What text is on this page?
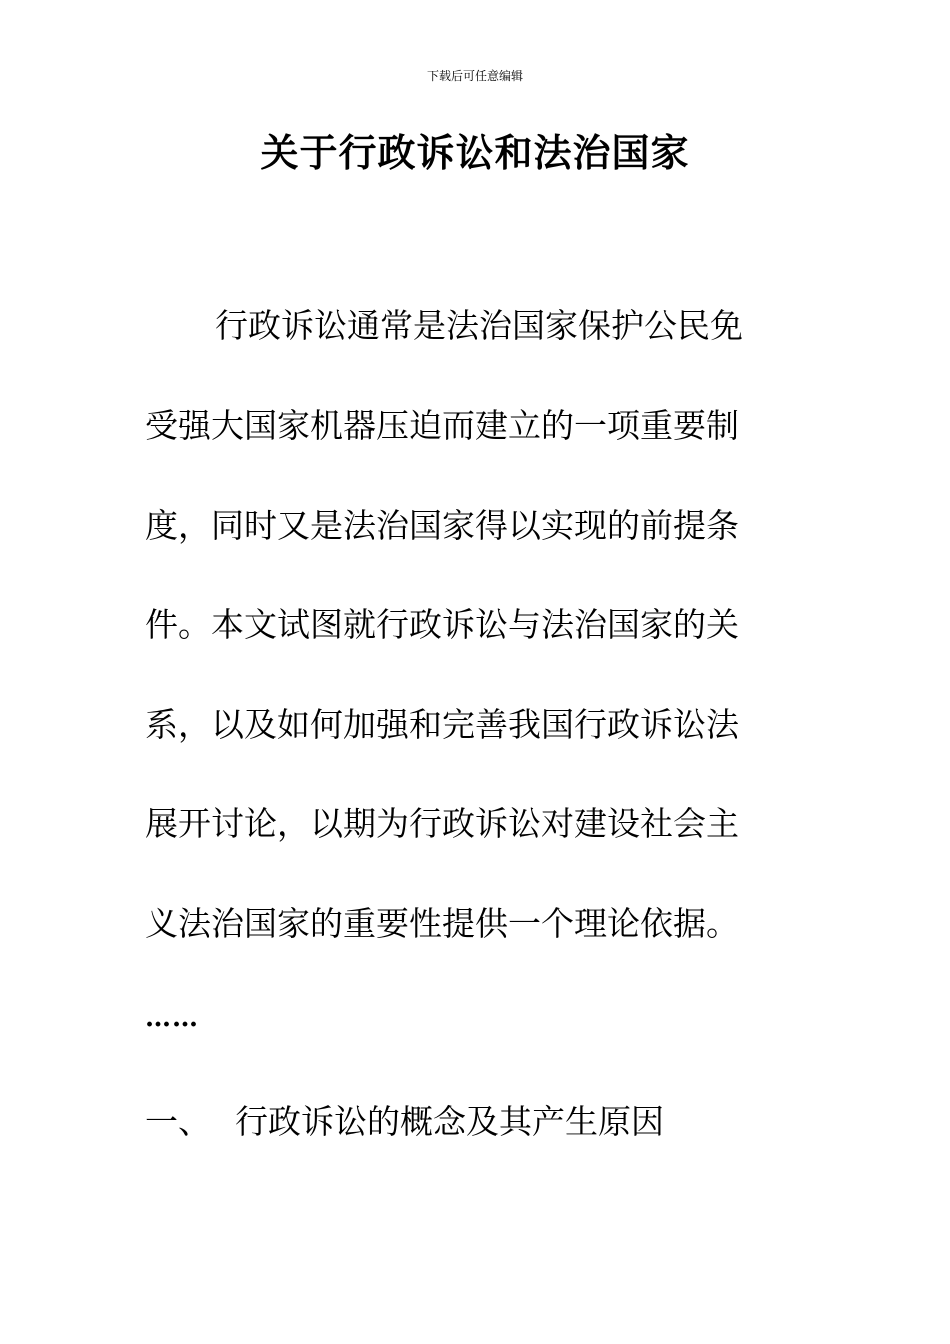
下载后可任意编辑
关于行政诉讼和法治国家
行政诉讼通常是法治国家保护公民免
受强大国家机器压迫而建立的一项重要制
度，同时又是法治国家得以实现的前提条
件。本文试图就行政诉讼与法治国家的关
系，以及如何加强和完善我国行政诉讼法
展开讨论，以期为行政诉讼对建设社会主
义法治国家的重要性提供一个理论依据。
……
一、 行政诉讼的概念及其产生原因
